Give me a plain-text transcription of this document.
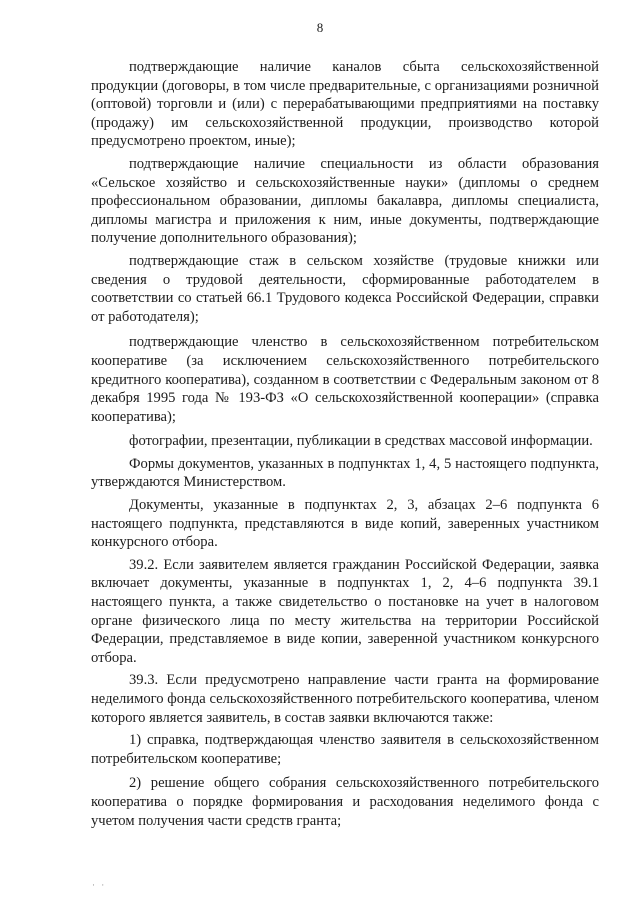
8

подтверждающие наличие каналов сбыта сельскохозяйственной продукции (договоры, в том числе предварительные, с организациями розничной (оптовой) торговли и (или) с перерабатывающими предприятиями на поставку (продажу) им сельскохозяйственной продукции, производство которой предусмотрено проектом, иные);

подтверждающие наличие специальности из области образования «Сельское хозяйство и сельскохозяйственные науки» (дипломы о среднем профессиональном образовании, дипломы бакалавра, дипломы специалиста, дипломы магистра и приложения к ним, иные документы, подтверждающие получение дополнительного образования);

подтверждающие стаж в сельском хозяйстве (трудовые книжки или сведения о трудовой деятельности, сформированные работодателем в соответствии со статьей 66.1 Трудового кодекса Российской Федерации, справки от работодателя);

подтверждающие членство в сельскохозяйственном потребительском кооперативе (за исключением сельскохозяйственного потребительского кредитного кооператива), созданном в соответствии с Федеральным законом от 8 декабря 1995 года № 193-ФЗ «О сельскохозяйственной кооперации» (справка кооператива);

фотографии, презентации, публикации в средствах массовой информации.

Формы документов, указанных в подпунктах 1, 4, 5 настоящего подпункта, утверждаются Министерством.

Документы, указанные в подпунктах 2, 3, абзацах 2–6 подпункта 6 настоящего подпункта, представляются в виде копий, заверенных участником конкурсного отбора.

39.2. Если заявителем является гражданин Российской Федерации, заявка включает документы, указанные в подпунктах 1, 2, 4–6 подпункта 39.1 настоящего пункта, а также свидетельство о постановке на учет в налоговом органе физического лица по месту жительства на территории Российской Федерации, представляемое в виде копии, заверенной участником конкурсного отбора.

39.3. Если предусмотрено направление части гранта на формирование неделимого фонда сельскохозяйственного потребительского кооператива, членом которого является заявитель, в состав заявки включаются также:

1) справка, подтверждающая членство заявителя в сельскохозяйственном потребительском кооперативе;

2) решение общего собрания сельскохозяйственного потребительского кооператива о порядке формирования и расходования неделимого фонда с учетом получения части средств гранта;

· ·
